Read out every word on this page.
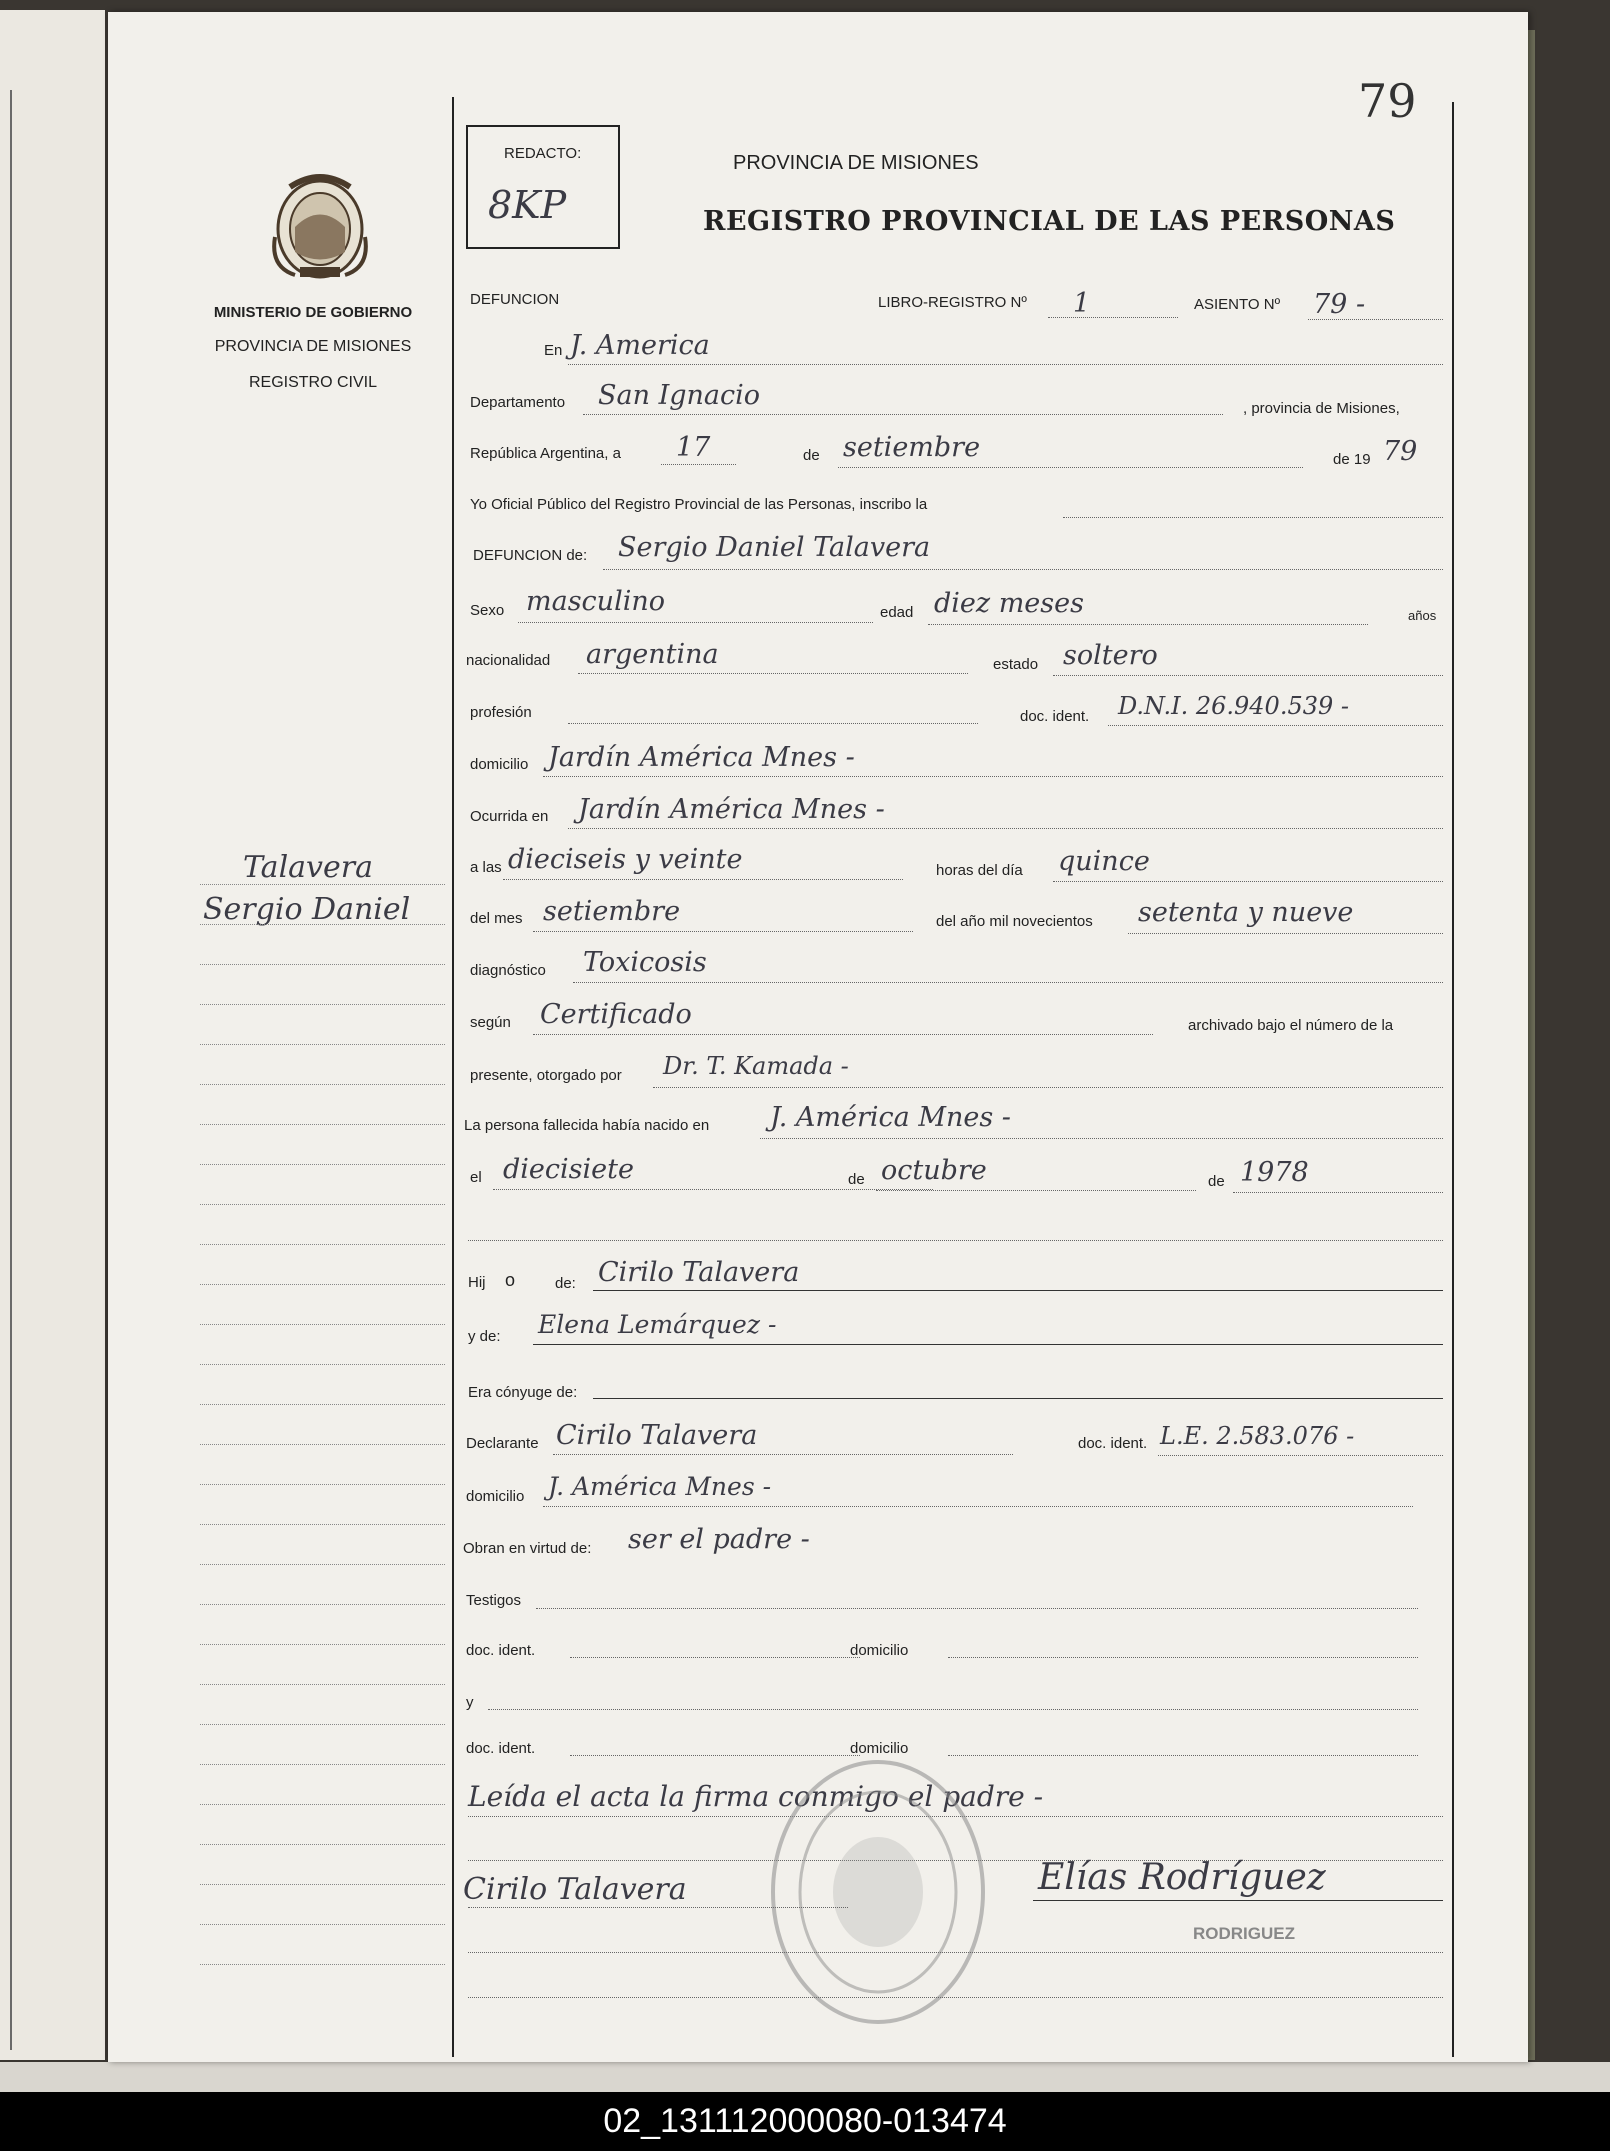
79
REDACTO:
8KP
PROVINCIA DE MISIONES
REGISTRO PROVINCIAL DE LAS PERSONAS
MINISTERIO DE GOBIERNO
PROVINCIA DE MISIONES
REGISTRO CIVIL
Talavera
Sergio Daniel
DEFUNCION	LIBRO-REGISTRO Nº 1	ASIENTO Nº 79 -
En J. America
Departamento San Ignacio	, provincia de Misiones,
República Argentina, a 17	de setiembre	de 19 79
Yo Oficial Público del Registro Provincial de las Personas, inscribo la
DEFUNCION de: Sergio Daniel Talavera
Sexo masculino	edad diez meses	años
nacionalidad argentina	estado soltero
profesión	doc. ident. D.N.I. 26.940.539 -
domicilio Jardín América Mnes -
Ocurrida en Jardín América Mnes -
a las dieciseis y veinte	horas del día quince
del mes setiembre	del año mil novecientos setenta y nueve
diagnóstico Toxicosis
según Certificado	archivado bajo el número de la
presente, otorgado por Dr. T. Kamada -
La persona fallecida había nacido en J. América Mnes -
el diecisiete	de octubre	de 1978
Hij o	de: Cirilo Talavera
y de: Elena Lemárquez -
Era cónyuge de:
Declarante Cirilo Talavera	doc. ident. L.E. 2.583.076 -
domicilio J. América Mnes -
Obran en virtud de: ser el padre -
Testigos
doc. ident.	domicilio
y
doc. ident.	domicilio
Leída el acta la firma conmigo el padre -
Cirilo Talavera	Elías Rodríguez
RODRIGUEZ
02_131112000080-013474
